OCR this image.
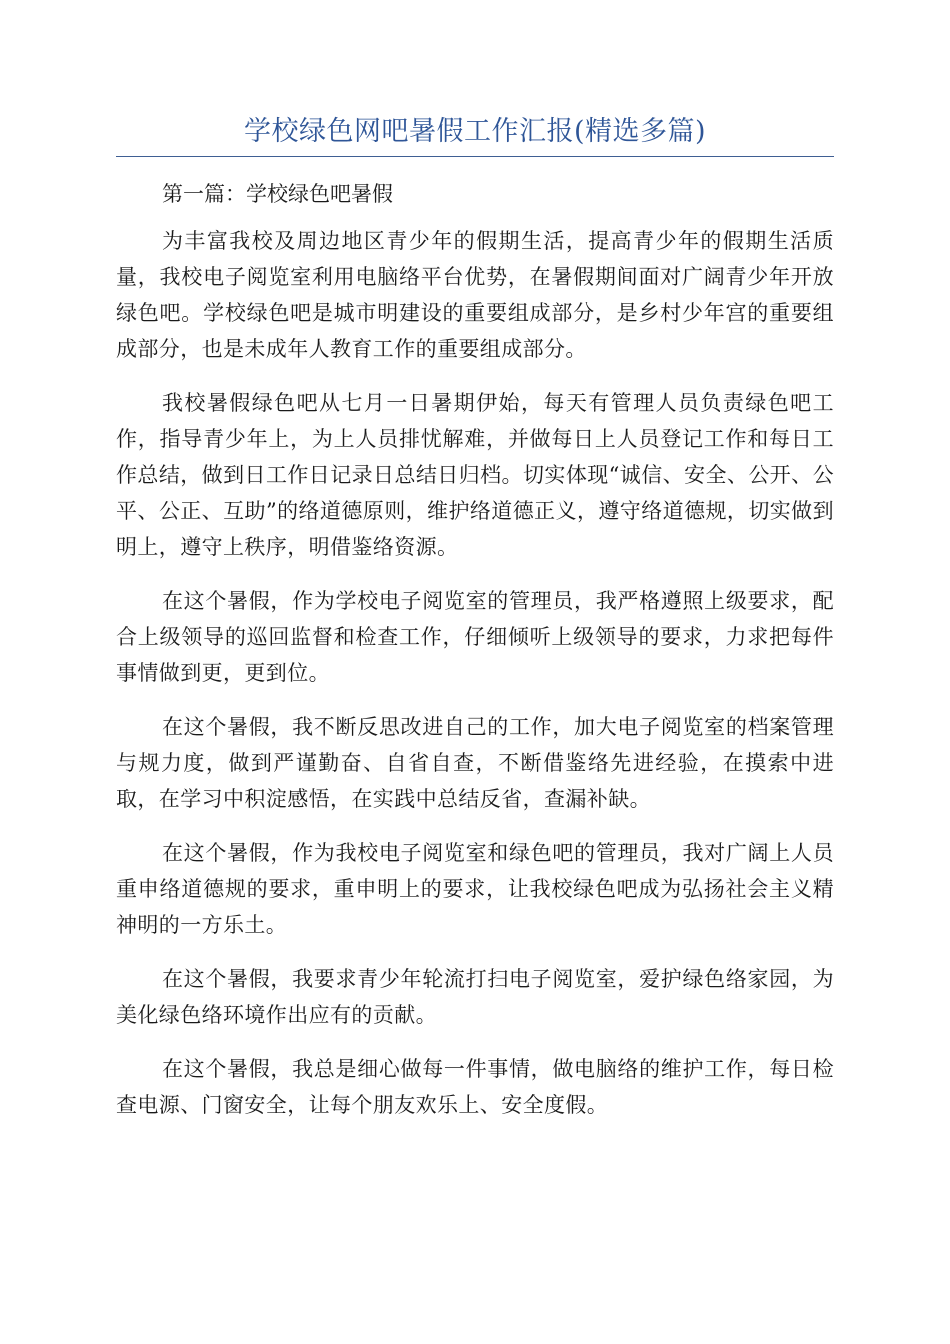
学校绿色网吧暑假工作汇报(精选多篇)

第一篇：学校绿色吧暑假

为丰富我校及周边地区青少年的假期生活，提高青少年的假期生活质量，我校电子阅览室利用电脑络平台优势，在暑假期间面对广阔青少年开放绿色吧。学校绿色吧是城市明建设的重要组成部分，是乡村少年宫的重要组成部分，也是未成年人教育工作的重要组成部分。

我校暑假绿色吧从七月一日暑期伊始，每天有管理人员负责绿色吧工作，指导青少年上，为上人员排忧解难，并做每日上人员登记工作和每日工作总结，做到日工作日记录日总结日归档。切实体现“诚信、安全、公开、公平、公正、互助”的络道德原则，维护络道德正义，遵守络道德规，切实做到明上，遵守上秩序，明借鉴络资源。

在这个暑假，作为学校电子阅览室的管理员，我严格遵照上级要求，配合上级领导的巡回监督和检查工作，仔细倾听上级领导的要求，力求把每件事情做到更，更到位。

在这个暑假，我不断反思改进自己的工作，加大电子阅览室的档案管理与规力度，做到严谨勤奋、自省自查，不断借鉴络先进经验，在摸索中进取，在学习中积淀感悟，在实践中总结反省，查漏补缺。

在这个暑假，作为我校电子阅览室和绿色吧的管理员，我对广阔上人员重申络道德规的要求，重申明上的要求，让我校绿色吧成为弘扬社会主义精神明的一方乐土。

在这个暑假，我要求青少年轮流打扫电子阅览室，爱护绿色络家园，为美化绿色络环境作出应有的贡献。

在这个暑假，我总是细心做每一件事情，做电脑络的维护工作，每日检查电源、门窗安全，让每个朋友欢乐上、安全度假。
